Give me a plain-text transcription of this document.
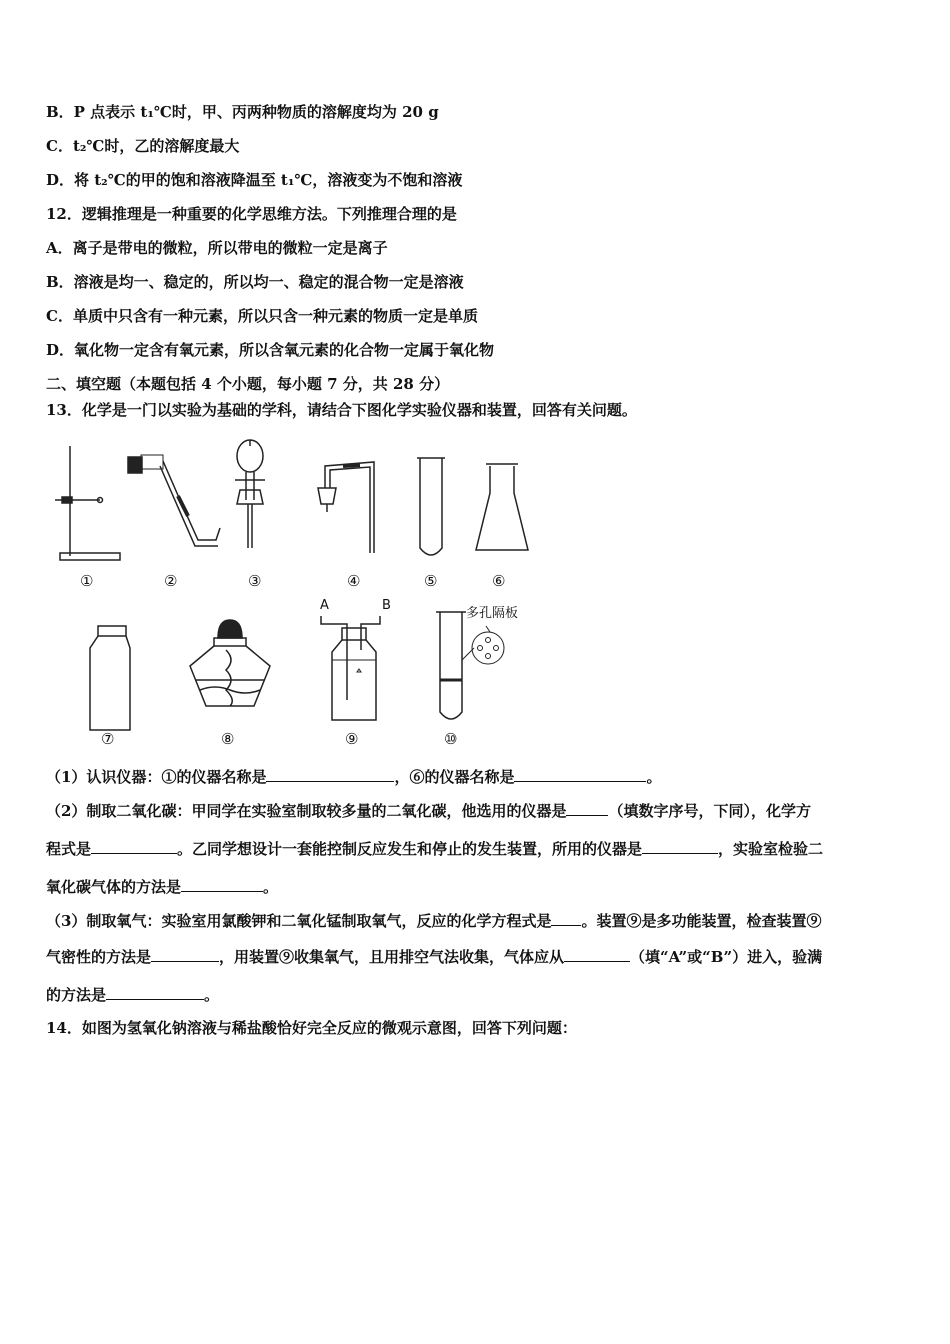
B．P 点表示 t₁℃时，甲、丙两种物质的溶解度均为 20 g
C．t₂℃时，乙的溶解度最大
D．将 t₂℃的甲的饱和溶液降温至 t₁℃，溶液变为不饱和溶液
12．逻辑推理是一种重要的化学思维方法。下列推理合理的是
A．离子是带电的微粒，所以带电的微粒一定是离子
B．溶液是均一、稳定的，所以均一、稳定的混合物一定是溶液
C．单质中只含有一种元素，所以只含一种元素的物质一定是单质
D．氧化物一定含有氧元素，所以含氧元素的化合物一定属于氧化物
二、填空题（本题包括 4 个小题，每小题 7 分，共 28 分）
13．化学是一门以实验为基础的学科，请结合下图化学实验仪器和装置，回答有关问题。
①	②	③	④	⑤	⑥
⑦	⑧	⑨	⑩
A	B
多孔隔板
（1）认识仪器：①的仪器名称是	，⑥的仪器名称是	。
（2）制取二氧化碳：甲同学在实验室制取较多量的二氧化碳，他选用的仪器是	（填数字序号，下同），化学方
程式是	。乙同学想设计一套能控制反应发生和停止的发生装置，所用的仪器是	，实验室检验二
氧化碳气体的方法是	。
（3）制取氧气：实验室用氯酸钾和二氧化锰制取氧气，反应的化学方程式是 。装置⑨是多功能装置，检查装置⑨
气密性的方法是	，用装置⑨收集氧气，且用排空气法收集，气体应从	（填“A”或“B”）进入，验满
的方法是	。
14．如图为氢氧化钠溶液与稀盐酸恰好完全反应的微观示意图，回答下列问题：
